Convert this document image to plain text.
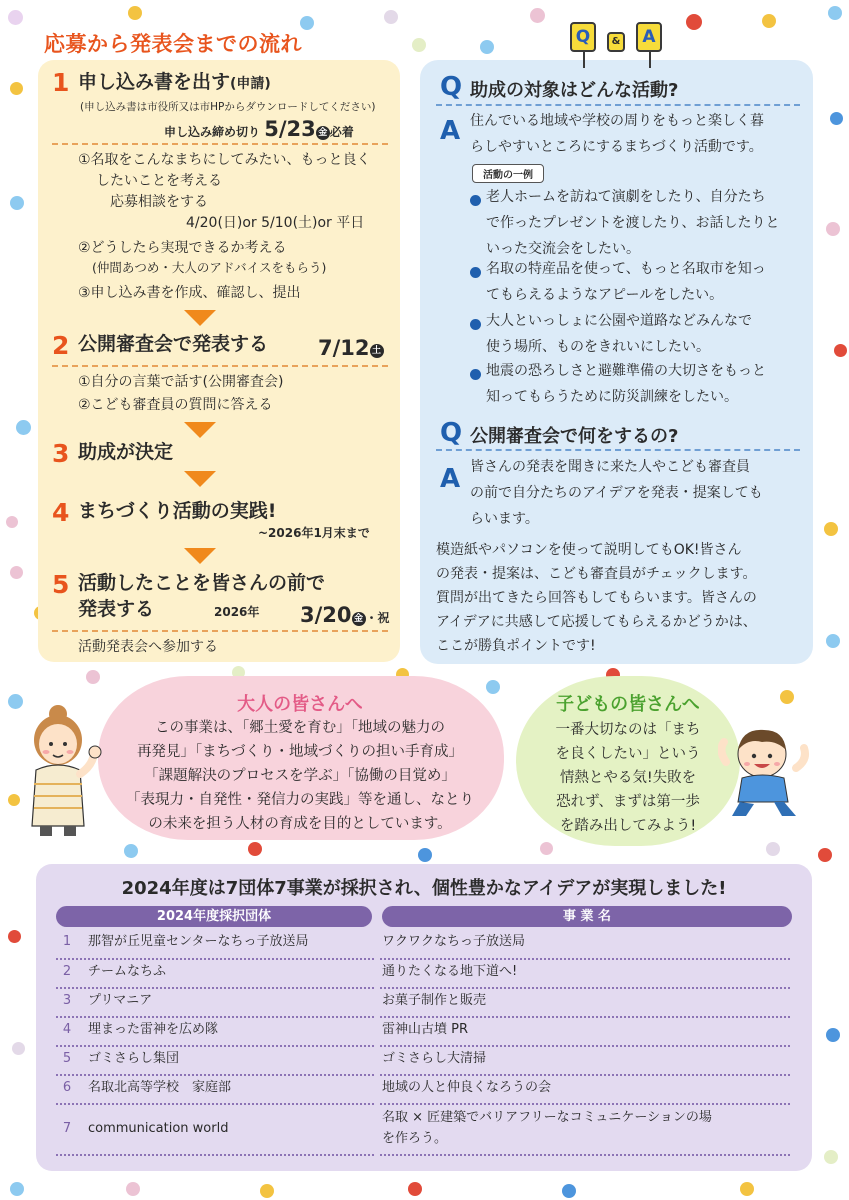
応募から発表会までの流れ
1 申し込み書を出す(申請)
(申し込み書は市役所又は市HPからダウンロードしてください)
申し込み締め切り 5/23 金 必着
①名取をこんなまちにしてみたい、もっと良く
したいことを考える
応募相談をする
4/20(日)or 5/10(土)or 平日
②どうしたら実現できるか考える
(仲間あつめ・大人のアドバイスをもらう)
③申し込み書を作成、確認し、提出
2 公開審査会で発表する 7/12 土
①自分の言葉で話す(公開審査会)
②こども審査員の質問に答える
3 助成が決定
4 まちづくり活動の実践!
~2026年1月末まで
5 活動したことを皆さんの前で
発表する	2026年 3/20 金 ・祝
活動発表会へ参加する
Q	&	A
Q 助成の対象はどんな活動?
A 住んでいる地域や学校の周りをもっと楽しく暮
らしやすいところにするまちづくり活動です。
活動の一例
老人ホームを訪ねて演劇をしたり、自分たち
で作ったプレゼントを渡したり、お話したりと
いった交流会をしたい。
名取の特産品を使って、もっと名取市を知っ
てもらえるようなアピールをしたい。
大人といっしょに公園や道路などみんなで
使う場所、ものをきれいにしたい。
地震の恐ろしさと避難準備の大切さをもっと
知ってもらうために防災訓練をしたい。
Q 公開審査会で何をするの?
A 皆さんの発表を聞きに来た人やこども審査員
の前で自分たちのアイデアを発表・提案しても
らいます。
模造紙やパソコンを使って説明してもOK!皆さん
の発表・提案は、こども審査員がチェックします。
質問が出てきたら回答もしてもらいます。皆さんの
アイデアに共感して応援してもらえるかどうかは、
ここが勝負ポイントです!
大人の皆さんへ
この事業は、「郷土愛を育む」「地域の魅力の
再発見」「まちづくり・地域づくりの担い手育成」
「課題解決のプロセスを学ぶ」「協働の目覚め」
「表現力・自発性・発信力の実践」等を通し、なとり
の未来を担う人材の育成を目的としています。
子どもの皆さんへ
一番大切なのは「まち
を良くしたい」という
情熱とやる気!失敗を
恐れず、まずは第一歩
を踏み出してみよう!
2024年度は7団体7事業が採択され、個性豊かなアイデアが実現しました!
2024年度採択団体	事 業 名
1	那智が丘児童センターなちっ子放送局	ワクワクなちっ子放送局
2	チームなちふ	通りたくなる地下道へ!
3	プリマニア	お菓子制作と販売
4	埋まった雷神を広め隊	雷神山古墳 PR
5	ゴミさらし集団	ゴミさらし大清掃
6	名取北高等学校　家庭部	地域の人と仲良くなろうの会
7	communication world
名取 × 匠建築でバリアフリーなコミュニケーションの場
を作ろう。
